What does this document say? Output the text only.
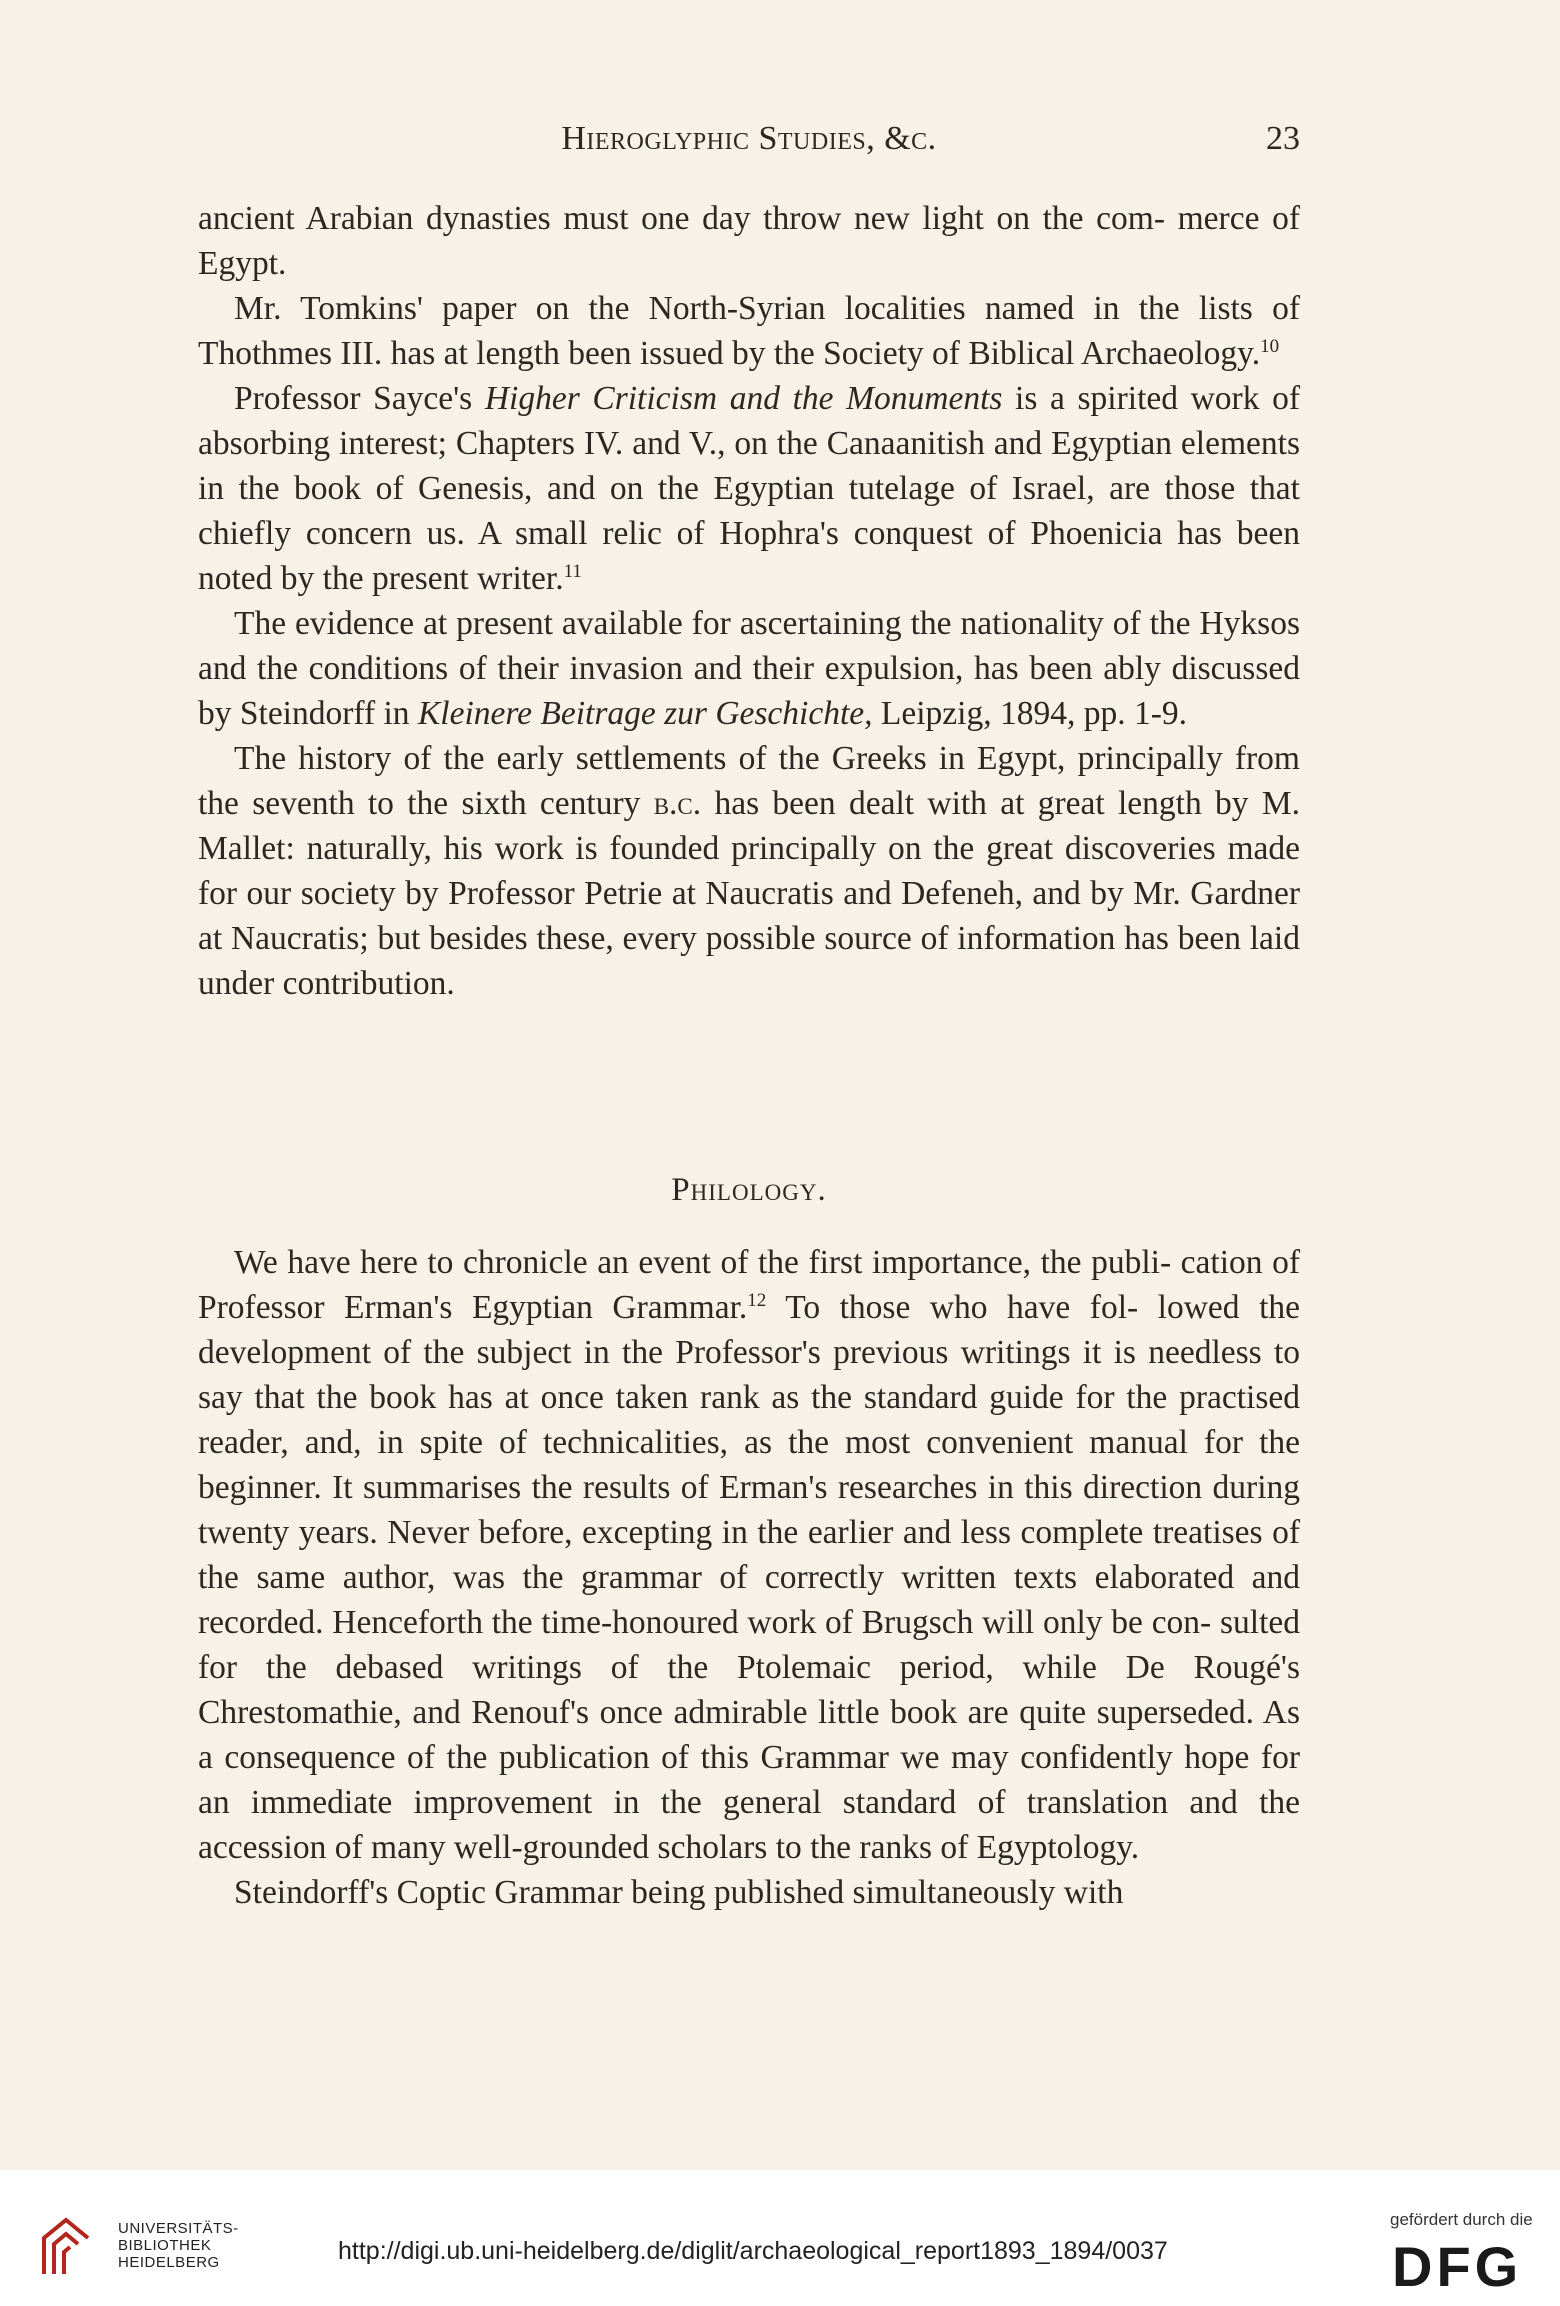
Hieroglyphic Studies, &c.	23

ancient Arabian dynasties must one day throw new light on the com- merce of Egypt.

Mr. Tomkins' paper on the North-Syrian localities named in the lists of Thothmes III. has at length been issued by the Society of Biblical Archaeology.$^{10}$

Professor Sayce's Higher Criticism and the Monuments is a spirited work of absorbing interest; Chapters IV. and V., on the Canaanitish and Egyptian elements in the book of Genesis, and on the Egyptian tutelage of Israel, are those that chiefly concern us. A small relic of Hophra's conquest of Phoenicia has been noted by the present writer.$^{11}$

The evidence at present available for ascertaining the nationality of the Hyksos and the conditions of their invasion and their expulsion, has been ably discussed by Steindorff in Kleinere Beitrage zur Geschichte, Leipzig, 1894, pp. 1-9.

The history of the early settlements of the Greeks in Egypt, principally from the seventh to the sixth century b.c. has been dealt with at great length by M. Mallet: naturally, his work is founded principally on the great discoveries made for our society by Professor Petrie at Naucratis and Defeneh, and by Mr. Gardner at Naucratis; but besides these, every possible source of information has been laid under contribution.

Philology.

We have here to chronicle an event of the first importance, the publi- cation of Professor Erman's Egyptian Grammar.$^{12}$ To those who have fol- lowed the development of the subject in the Professor's previous writings it is needless to say that the book has at once taken rank as the standard guide for the practised reader, and, in spite of technicalities, as the most convenient manual for the beginner. It summarises the results of Erman's researches in this direction during twenty years. Never before, excepting in the earlier and less complete treatises of the same author, was the grammar of correctly written texts elaborated and recorded. Henceforth the time-honoured work of Brugsch will only be con- sulted for the debased writings of the Ptolemaic period, while De Rougé's Chrestomathie, and Renouf's once admirable little book are quite superseded. As a consequence of the publication of this Grammar we may confidently hope for an immediate improvement in the general standard of translation and the accession of many well-grounded scholars to the ranks of Egyptology.

Steindorff's Coptic Grammar being published simultaneously with

UNIVERSITÄTS-
BIBLIOTHEK
HEIDELBERG	http://digi.ub.uni-heidelberg.de/diglit/archaeological_report1893_1894/0037
gefördert durch die
DFG
